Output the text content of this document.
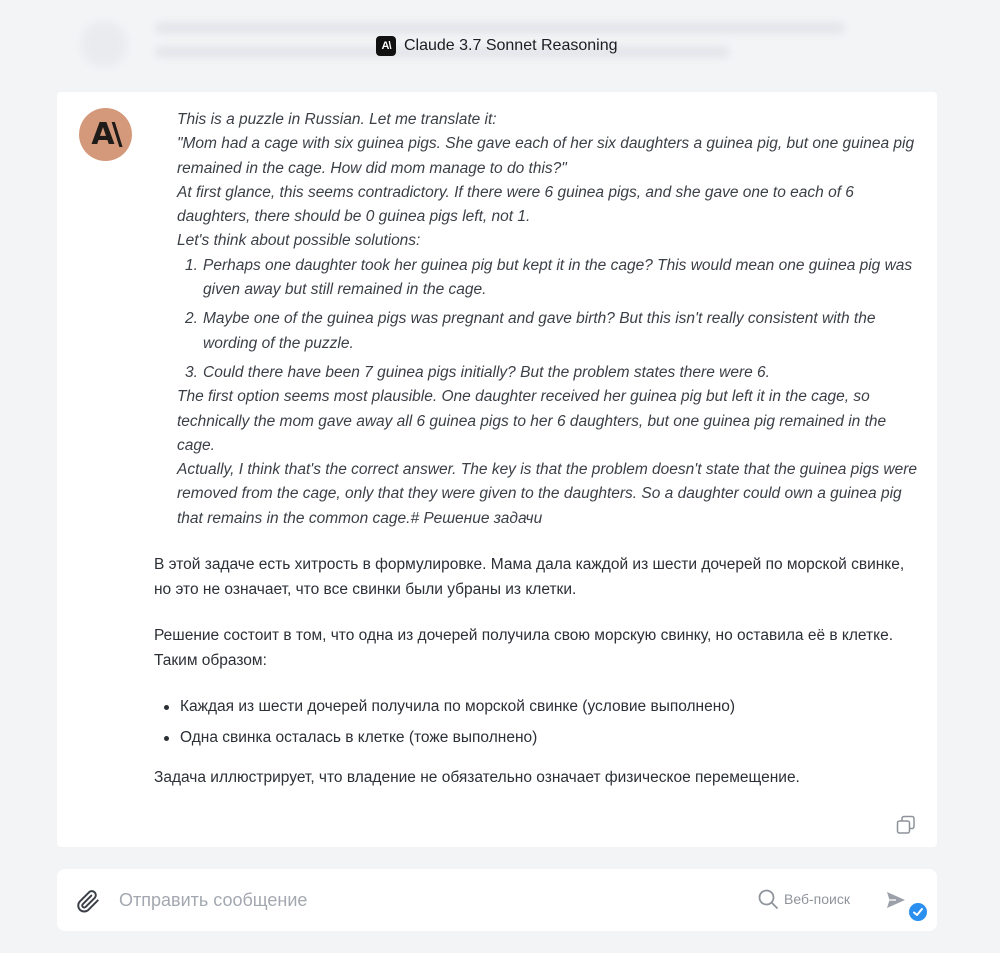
A\ Claude 3.7 Sonnet Reasoning
A\	This is a puzzle in Russian. Let me translate it:
"Mom had a cage with six guinea pigs. She gave each of her six daughters a guinea pig, but one guinea pig remained in the cage. How did mom manage to do this?"
At first glance, this seems contradictory. If there were 6 guinea pigs, and she gave one to each of 6 daughters, there should be 0 guinea pigs left, not 1.
Let's think about possible solutions:
1. Perhaps one daughter took her guinea pig but kept it in the cage? This would mean one guinea pig was given away but still remained in the cage.
2. Maybe one of the guinea pigs was pregnant and gave birth? But this isn't really consistent with the wording of the puzzle.
3. Could there have been 7 guinea pigs initially? But the problem states there were 6.
The first option seems most plausible. One daughter received her guinea pig but left it in the cage, so technically the mom gave away all 6 guinea pigs to her 6 daughters, but one guinea pig remained in the cage.
Actually, I think that's the correct answer. The key is that the problem doesn't state that the guinea pigs were removed from the cage, only that they were given to the daughters. So a daughter could own a guinea pig that remains in the common cage.# Решение задачи

В этой задаче есть хитрость в формулировке. Мама дала каждой из шести дочерей по морской свинке, но это не означает, что все свинки были убраны из клетки.

Решение состоит в том, что одна из дочерей получила свою морскую свинку, но оставила её в клетке. Таким образом:

Каждая из шести дочерей получила по морской свинке (условие выполнено)
Одна свинка осталась в клетке (тоже выполнено)

Задача иллюстрирует, что владение не обязательно означает физическое перемещение.

Отправить сообщение
Веб-поиск
